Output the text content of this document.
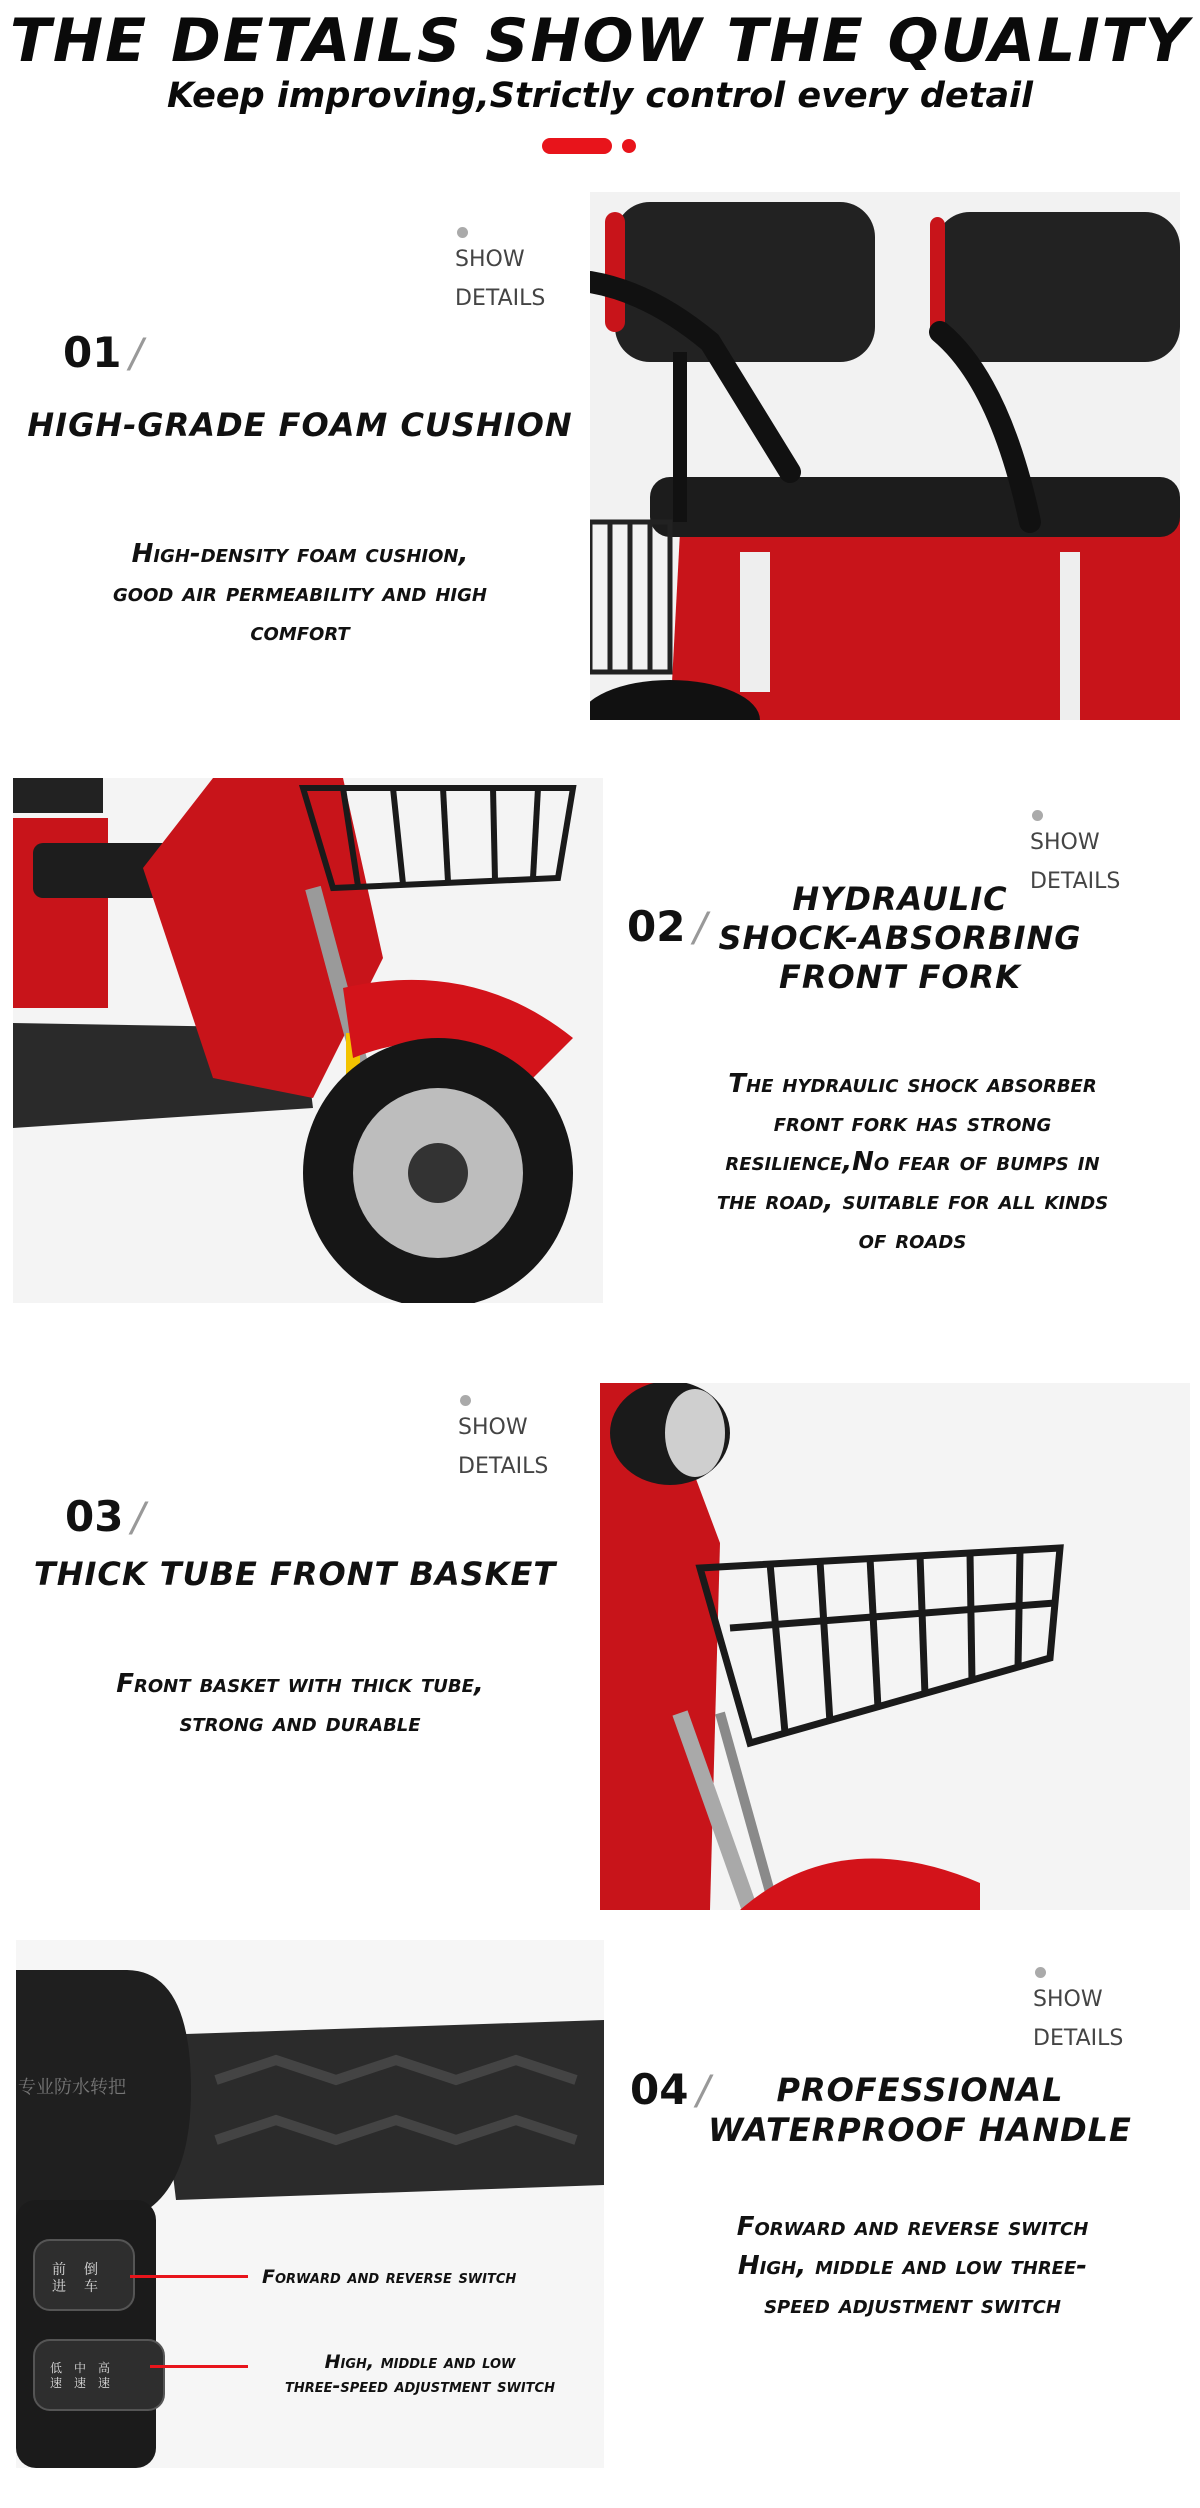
THE DETAILS SHOW THE QUALITY
Keep improving,Strictly control every detail
SHOW
DETAILS
01 /
HIGH-GRADE FOAM CUSHION
High-density foam cushion,
good air permeability and high
comfort
SHOW
DETAILS
02 /
HYDRAULIC
SHOCK-ABSORBING
FRONT FORK
The hydraulic shock absorber
front fork has strong
resilience,No fear of bumps in
the road, suitable for all kinds
of roads
SHOW
DETAILS
03 /
THICK TUBE FRONT BASKET
Front basket with thick tube,
strong and durable
专业防水转把
前
进
倒
车
低
速
中
速
高
速
Forward and reverse switch
High, middle and low
three-speed adjustment switch
SHOW
DETAILS
04 /	PROFESSIONAL
WATERPROOF HANDLE
Forward and reverse switch
High, middle and low three-
speed adjustment switch
